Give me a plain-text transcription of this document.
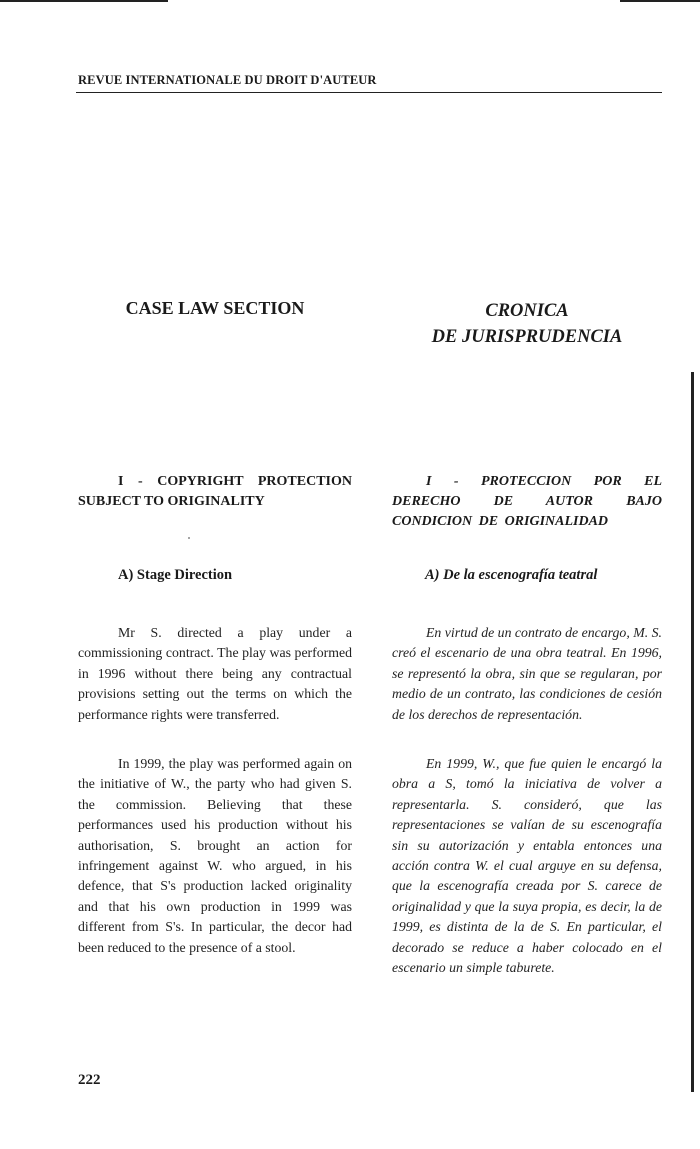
REVUE INTERNATIONALE DU DROIT D'AUTEUR
CASE LAW SECTION	CRONICA
DE JURISPRUDENCIA
I - COPYRIGHT PROTECTION SUBJECT TO ORIGINALITY
I - PROTECCION POR EL DERECHO DE AUTOR BAJO CONDICION DE ORIGINALIDAD
A) Stage Direction	A) De la escenografía teatral

Mr S. directed a play under a commissioning contract. The play was performed in 1996 without there being any contractual provisions setting out the terms on which the performance rights were transferred.

In 1999, the play was performed again on the initiative of W., the party who had given S. the commission. Believing that these performances used his production without his authorisation, S. brought an action for infringement against W. who argued, in his defence, that S's production lacked originality and that his own production in 1999 was different from S's. In particular, the decor had been reduced to the presence of a stool.

En virtud de un contrato de encargo, M. S. creó el escenario de una obra teatral. En 1996, se representó la obra, sin que se regularan, por medio de un contrato, las condiciones de cesión de los derechos de representación.

En 1999, W., que fue quien le encargó la obra a S, tomó la iniciativa de volver a representarla. S. consideró, que las representaciones se valían de su escenografía sin su autorización y entabla entonces una acción contra W. el cual arguye en su defensa, que la escenografía creada por S. carece de originalidad y que la suya propia, es decir, la de 1999, es distinta de la de S. En particular, el decorado se reduce a haber colocado en el escenario un simple taburete.

222
